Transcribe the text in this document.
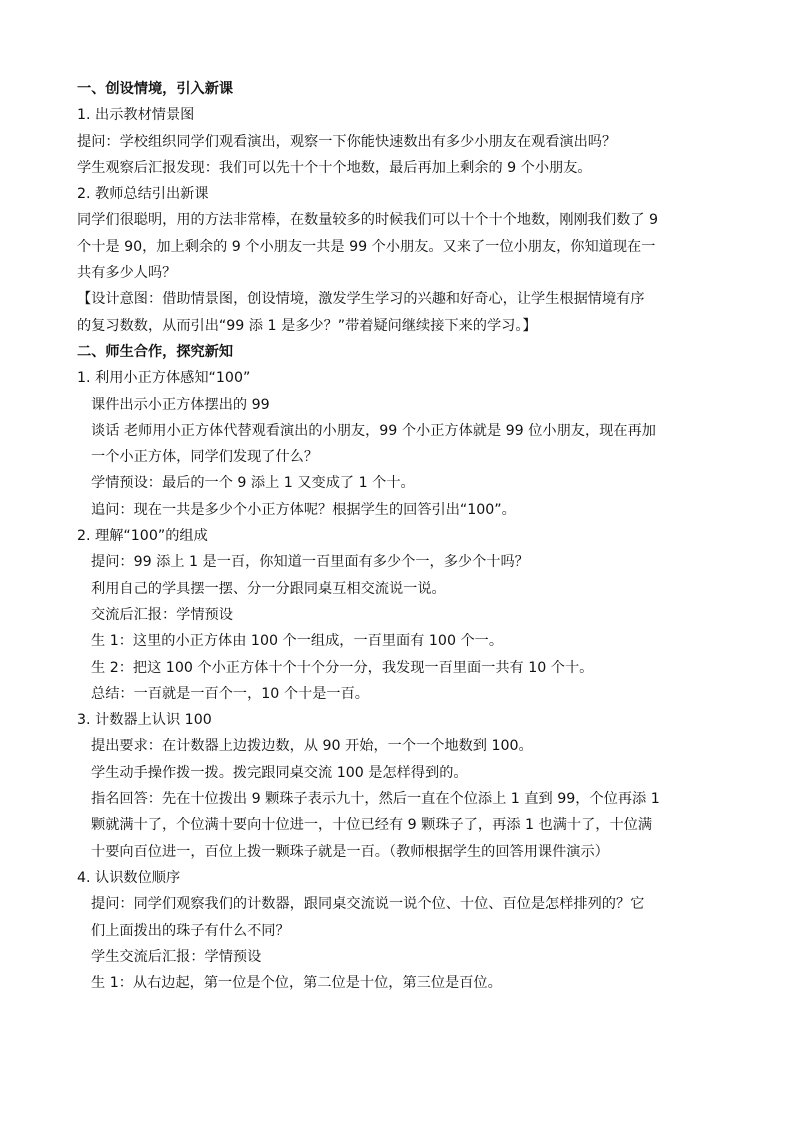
一、创设情境，引入新课
1. 出示教材情景图
提问：学校组织同学们观看演出，观察一下你能快速数出有多少小朋友在观看演出吗？
学生观察后汇报发现：我们可以先十个十个地数，最后再加上剩余的 9 个小朋友。
2. 教师总结引出新课
同学们很聪明，用的方法非常棒，在数量较多的时候我们可以十个十个地数，刚刚我们数了 9
个十是 90，加上剩余的 9 个小朋友一共是 99 个小朋友。又来了一位小朋友，你知道现在一
共有多少人吗？
【设计意图：借助情景图，创设情境，激发学生学习的兴趣和好奇心，让学生根据情境有序
的复习数数，从而引出“99 添 1 是多少？”带着疑问继续接下来的学习。】
二、师生合作，探究新知
1. 利用小正方体感知“100”
课件出示小正方体摆出的 99
谈话 老师用小正方体代替观看演出的小朋友，99 个小正方体就是 99 位小朋友，现在再加
一个小正方体，同学们发现了什么？
学情预设：最后的一个 9 添上 1 又变成了 1 个十。
追问：现在一共是多少个小正方体呢？根据学生的回答引出“100”。
2. 理解“100”的组成
提问：99 添上 1 是一百，你知道一百里面有多少个一，多少个十吗？
利用自己的学具摆一摆、分一分跟同桌互相交流说一说。
交流后汇报：学情预设
生 1：这里的小正方体由 100 个一组成，一百里面有 100 个一。
生 2：把这 100 个小正方体十个十个分一分，我发现一百里面一共有 10 个十。
总结：一百就是一百个一，10 个十是一百。
3. 计数器上认识 100
提出要求：在计数器上边拨边数，从 90 开始，一个一个地数到 100。
学生动手操作拨一拨。拨完跟同桌交流 100 是怎样得到的。
指名回答：先在十位拨出 9 颗珠子表示九十，然后一直在个位添上 1 直到 99，个位再添 1
颗就满十了，个位满十要向十位进一，十位已经有 9 颗珠子了，再添 1 也满十了，十位满
十要向百位进一，百位上拨一颗珠子就是一百。（教师根据学生的回答用课件演示）
4. 认识数位顺序
提问：同学们观察我们的计数器，跟同桌交流说一说个位、十位、百位是怎样排列的？它
们上面拨出的珠子有什么不同？
学生交流后汇报：学情预设
生 1：从右边起，第一位是个位，第二位是十位，第三位是百位。
